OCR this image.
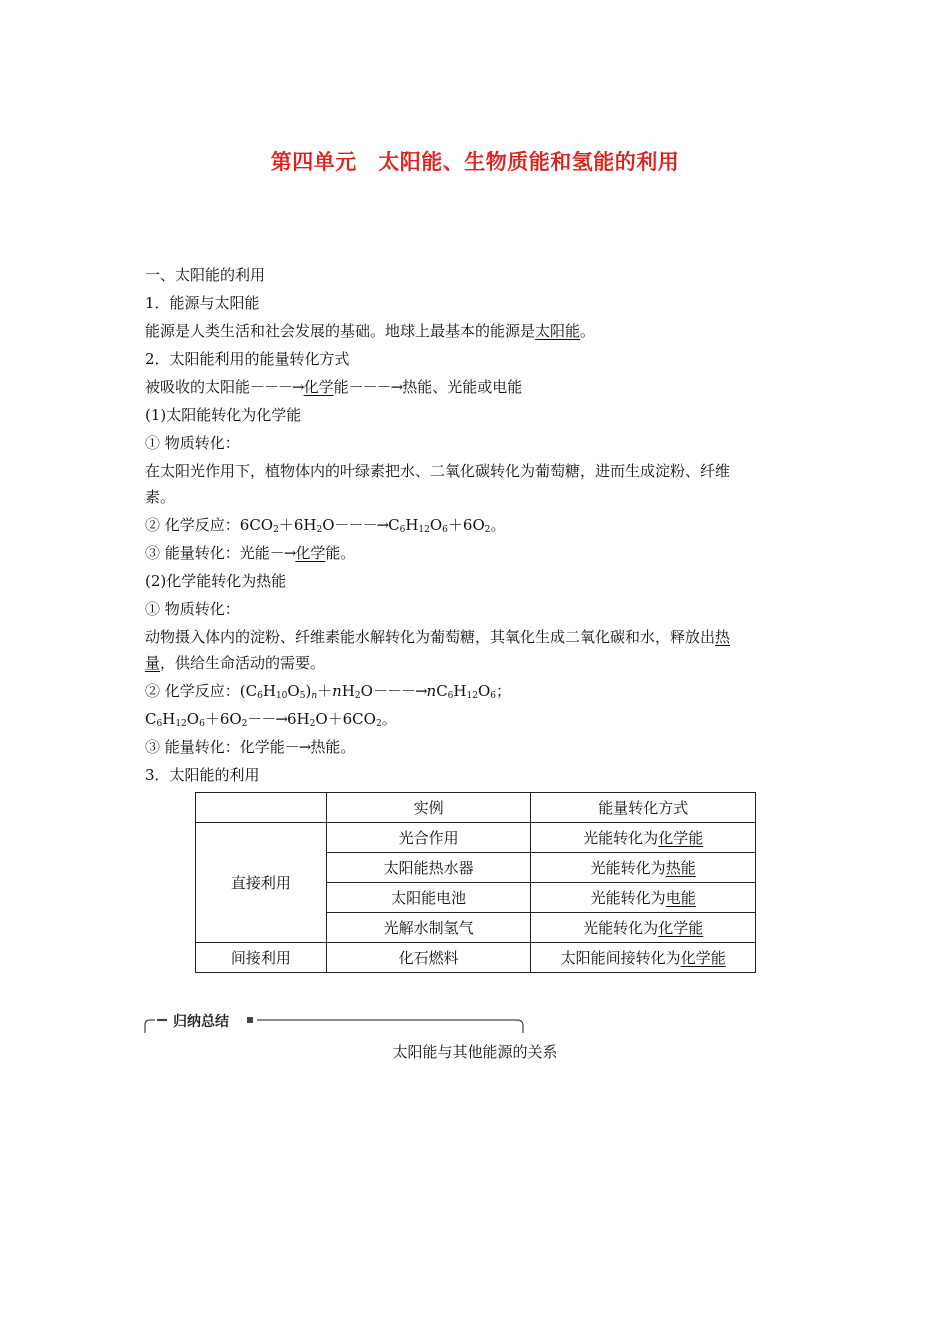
第四单元　太阳能、生物质能和氢能的利用
一、太阳能的利用
1．能源与太阳能
能源是人类生活和社会发展的基础。地球上最基本的能源是太阳能。
2．太阳能利用的能量转化方式
被吸收的太阳能－－－→化学能－－－→热能、光能或电能
(1)太阳能转化为化学能
① 物质转化：
在太阳光作用下，植物体内的叶绿素把水、二氧化碳转化为葡萄糖，进而生成淀粉、纤维
素。
② 化学反应：$6CO_2+6H_2O---\to C_6H_{12}O_6+6O_2$。
③ 能量转化：光能－→化学能。
(2)化学能转化为热能
① 物质转化：
动物摄入体内的淀粉、纤维素能水解转化为葡萄糖，其氧化生成二氧化碳和水，释放出热
量，供给生命活动的需要。
② 化学反应：$(C_6H_{10}O_5)_n+nH_2O---\to nC_6H_{12}O_6$；
$C_6H_{12}O_6+6O_2--\to 6H_2O+6CO_2$。
③ 能量转化：化学能－→热能。
3．太阳能的利用
	实例	能量转化方式
直接利用	光合作用	光能转化为化学能
	太阳能热水器	光能转化为热能
	太阳能电池	光能转化为电能
	光解水制氢气	光能转化为化学能
间接利用	化石燃料	太阳能间接转化为化学能
归纳总结
太阳能与其他能源的关系
